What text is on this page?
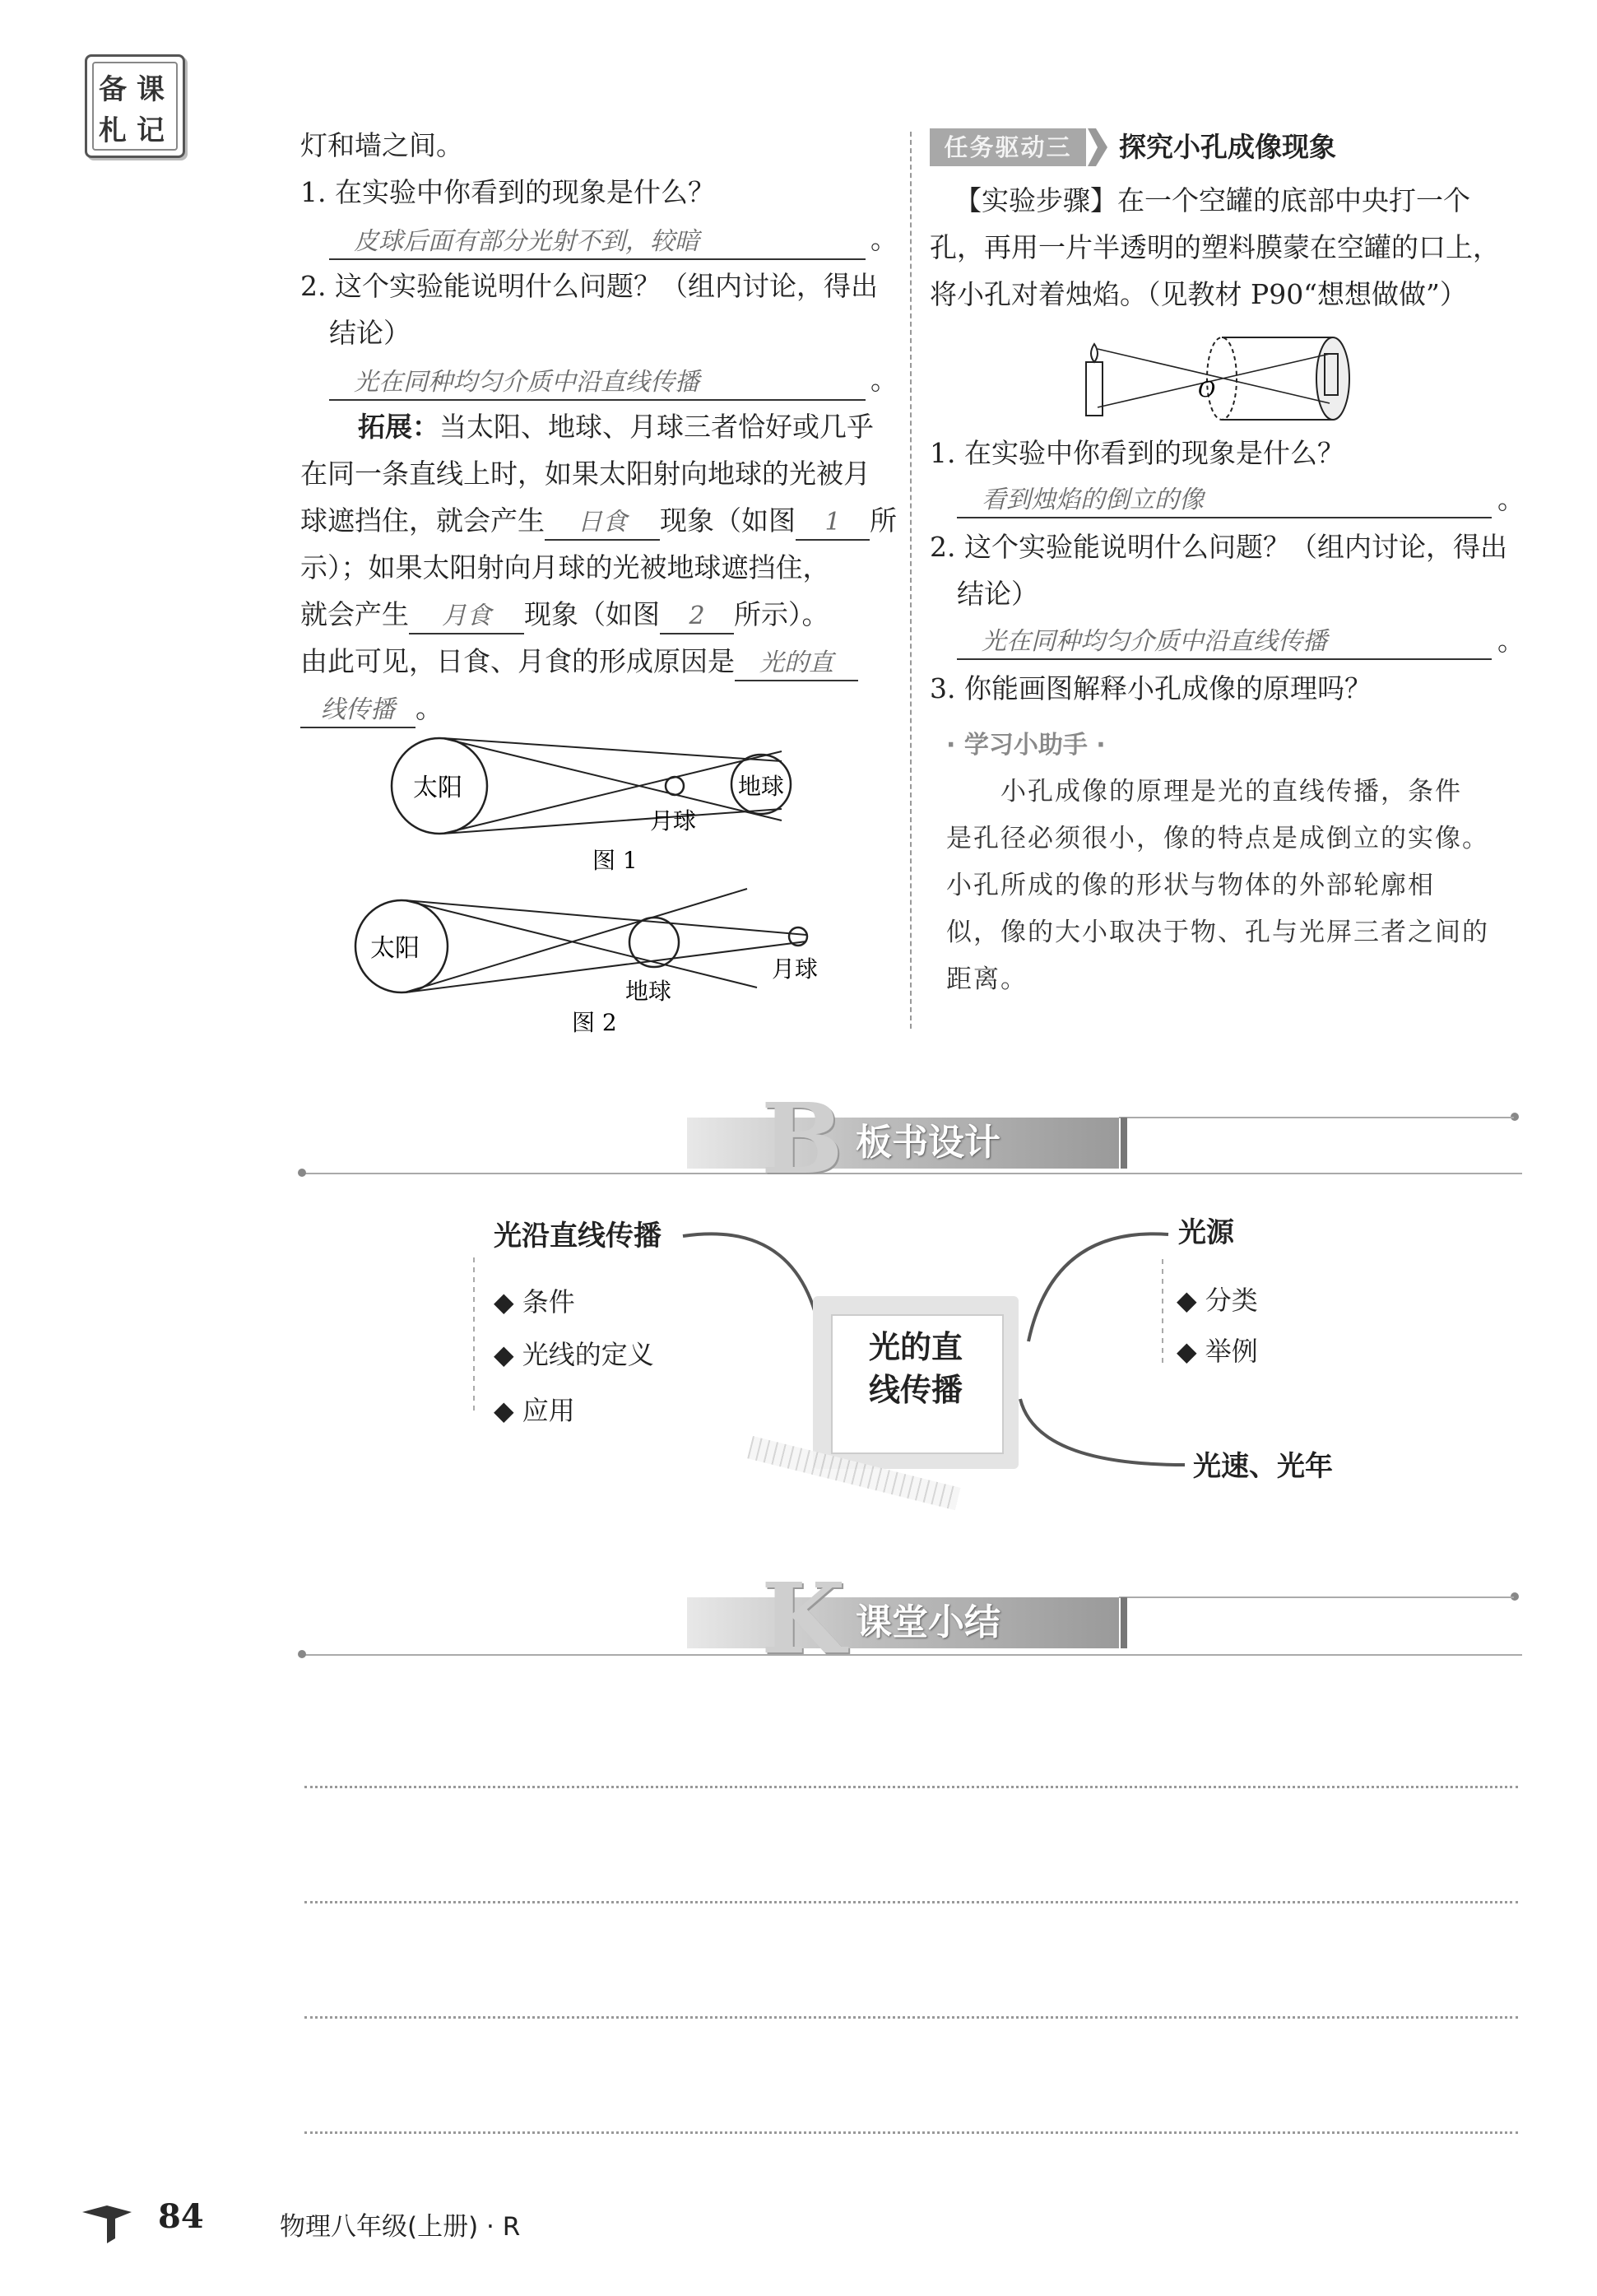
备 课
札 记	灯和墙之间。
1. 在实验中你看到的现象是什么？
皮球后面有部分光射不到，较暗	。
2. 这个实验能说明什么问题？（组内讨论，得出
结论）
光在同种均匀介质中沿直线传播	。
拓展：当太阳、地球、月球三者恰好或几乎
在同一条直线上时，如果太阳射向地球的光被月
球遮挡住，就会产生 日食 现象（如图 1 所
示）；如果太阳射向月球的光被地球遮挡住，
就会产生 月食 现象（如图 2 所示）。
由此可见，日食、月食的形成原因是 光的直
线传播 。
太阳	地球
月球
图 1
太阳
地球
月球
图 2
任务驱动三	探究小孔成像现象
【实验步骤】在一个空罐的底部中央打一个
孔，再用一片半透明的塑料膜蒙在空罐的口上，
将小孔对着烛焰。（见教材 P90“想想做做”）
O
1. 在实验中你看到的现象是什么？
看到烛焰的倒立的像	。
2. 这个实验能说明什么问题？（组内讨论，得出
结论）
光在同种均匀介质中沿直线传播	。
3. 你能画图解释小孔成像的原理吗？
· 学习小助手 ·
小孔成像的原理是光的直线传播，条件
是孔径必须很小，像的特点是成倒立的实像。
小孔所成的像的形状与物体的外部轮廓相
似，像的大小取决于物、孔与光屏三者之间的
距离。
B 板书设计
光沿直线传播
◆ 条件
◆ 光线的定义
◆ 应用
光的直线传播
光源
◆ 分类
◆ 举例
光速、光年
K 课堂小结
84	物理八年级(上册) · R
